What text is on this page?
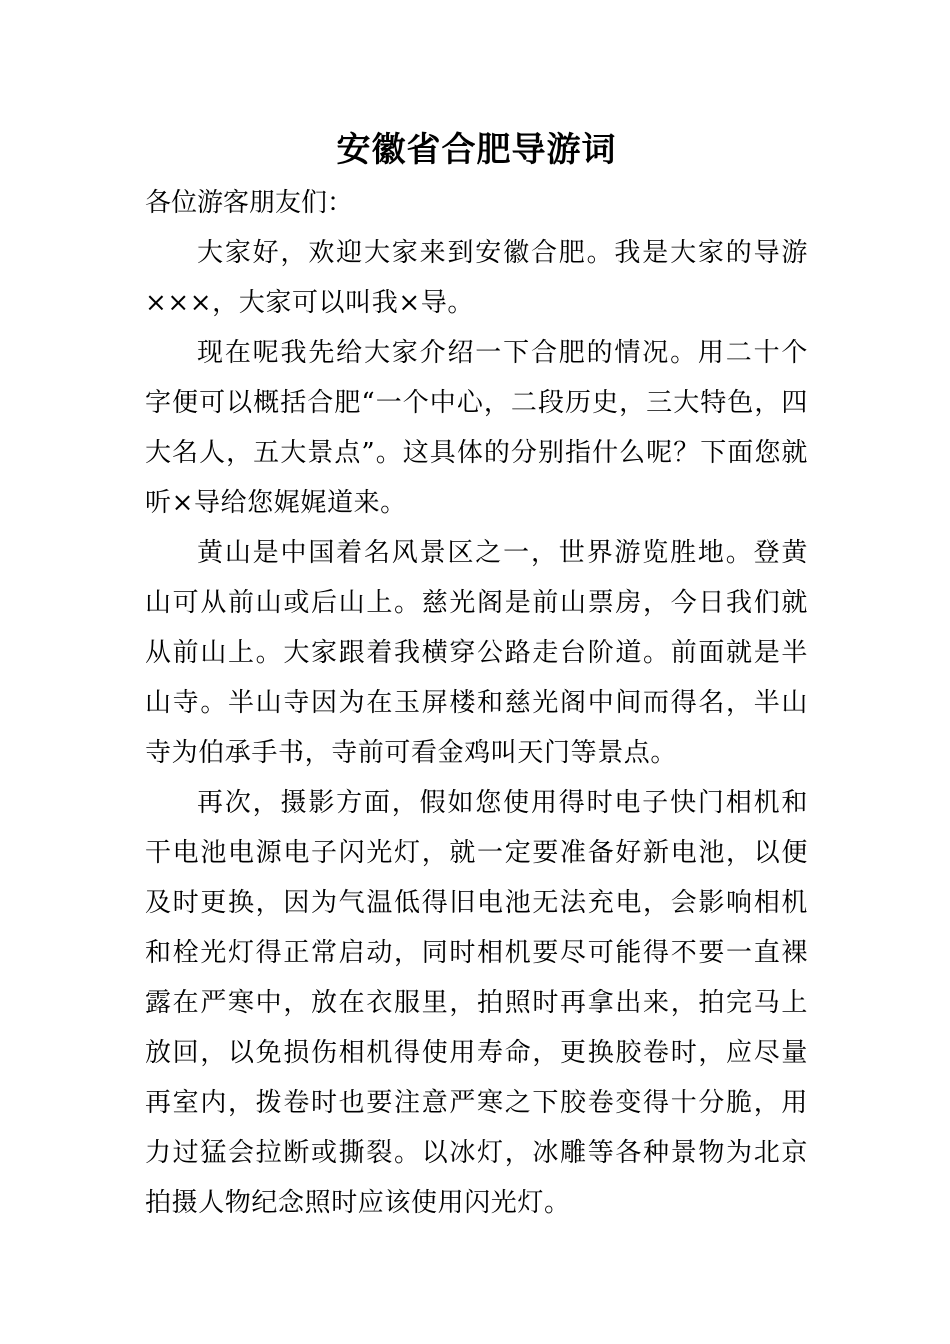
安徽省合肥导游词

各位游客朋友们：

大家好，欢迎大家来到安徽合肥。我是大家的导游×××，大家可以叫我×导。

现在呢我先给大家介绍一下合肥的情况。用二十个字便可以概括合肥“一个中心，二段历史，三大特色，四大名人，五大景点”。这具体的分别指什么呢？下面您就听×导给您娓娓道来。

黄山是中国着名风景区之一，世界游览胜地。登黄山可从前山或后山上。慈光阁是前山票房，今日我们就从前山上。大家跟着我横穿公路走台阶道。前面就是半山寺。半山寺因为在玉屏楼和慈光阁中间而得名，半山寺为伯承手书，寺前可看金鸡叫天门等景点。

再次，摄影方面，假如您使用得时电子快门相机和干电池电源电子闪光灯，就一定要准备好新电池，以便及时更换，因为气温低得旧电池无法充电，会影响相机和栓光灯得正常启动，同时相机要尽可能得不要一直裸露在严寒中，放在衣服里，拍照时再拿出来，拍完马上放回，以免损伤相机得使用寿命，更换胶卷时，应尽量再室内，拨卷时也要注意严寒之下胶卷变得十分脆，用力过猛会拉断或撕裂。以冰灯，冰雕等各种景物为北京拍摄人物纪念照时应该使用闪光灯。
